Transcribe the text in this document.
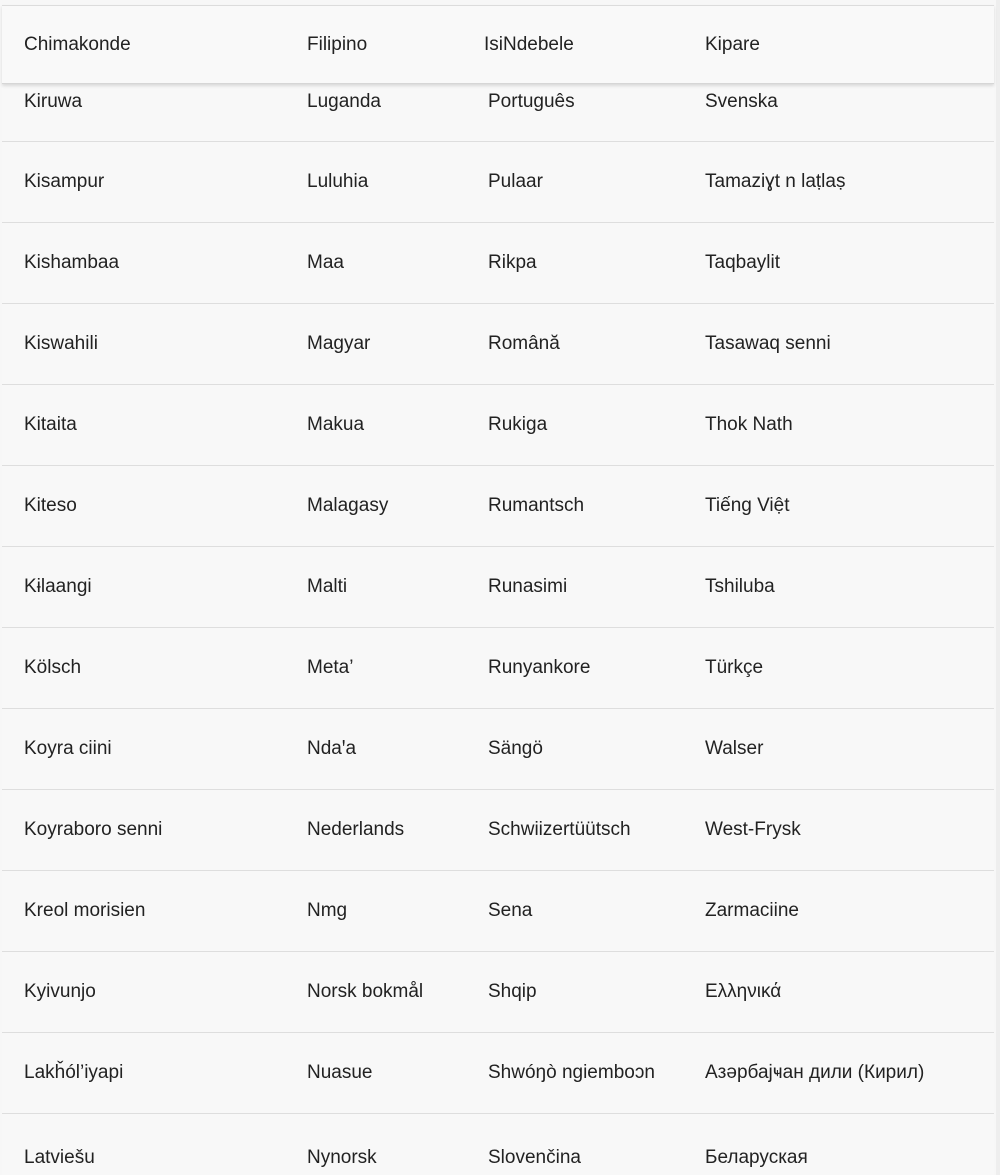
Chimakonde	Filipino	IsiNdebele	Kipare
Kiruwa	Luganda	Português	Svenska
Kisampur	Luluhia	Pulaar	Tamaziɣt n laṭlaṣ
Kishambaa	Maa	Rikpa	Taqbaylit
Kiswahili	Magyar	Română	Tasawaq senni
Kitaita	Makua	Rukiga	Thok Nath
Kiteso	Malagasy	Rumantsch	Tiếng Việt
Kɨlaangi	Malti	Runasimi	Tshiluba
Kölsch	Meta’	Runyankore	Türkçe
Koyra ciini	Ndaꞌa	Sängö	Walser
Koyraboro senni	Nederlands	Schwiizertüütsch	West-Frysk
Kreol morisien	Nmg	Sena	Zarmaciine
Kyivunjo	Norsk bokmål	Shqip	Ελληνικά
Lakȟól’iyapi	Nuasue	Shwóŋò ngiemboɔn	Азәрбајҹан дили (Кирил)
Latviešu	Nynorsk	Slovenčina	Беларуская
